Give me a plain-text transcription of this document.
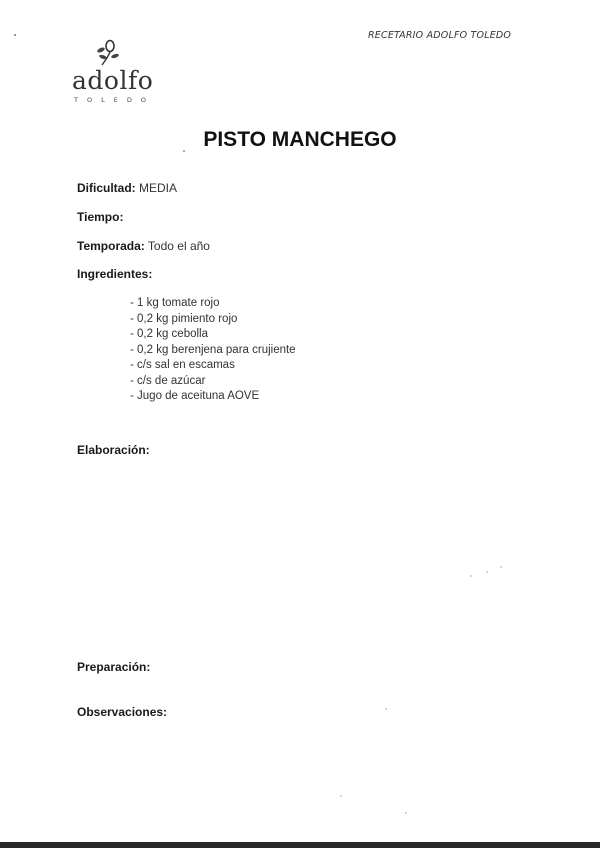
RECETARIO ADOLFO TOLEDO
adolfo
TOLEDO
PISTO MANCHEGO
Dificultad: MEDIA
Tiempo:
Temporada: Todo el año
Ingredientes:
- 1 kg tomate rojo
- 0,2 kg pimiento rojo
- 0,2 kg cebolla
- 0,2 kg berenjena para crujiente
- c/s sal en escamas
- c/s de azúcar
- Jugo de aceituna AOVE
Elaboración:
Preparación:
Observaciones:
